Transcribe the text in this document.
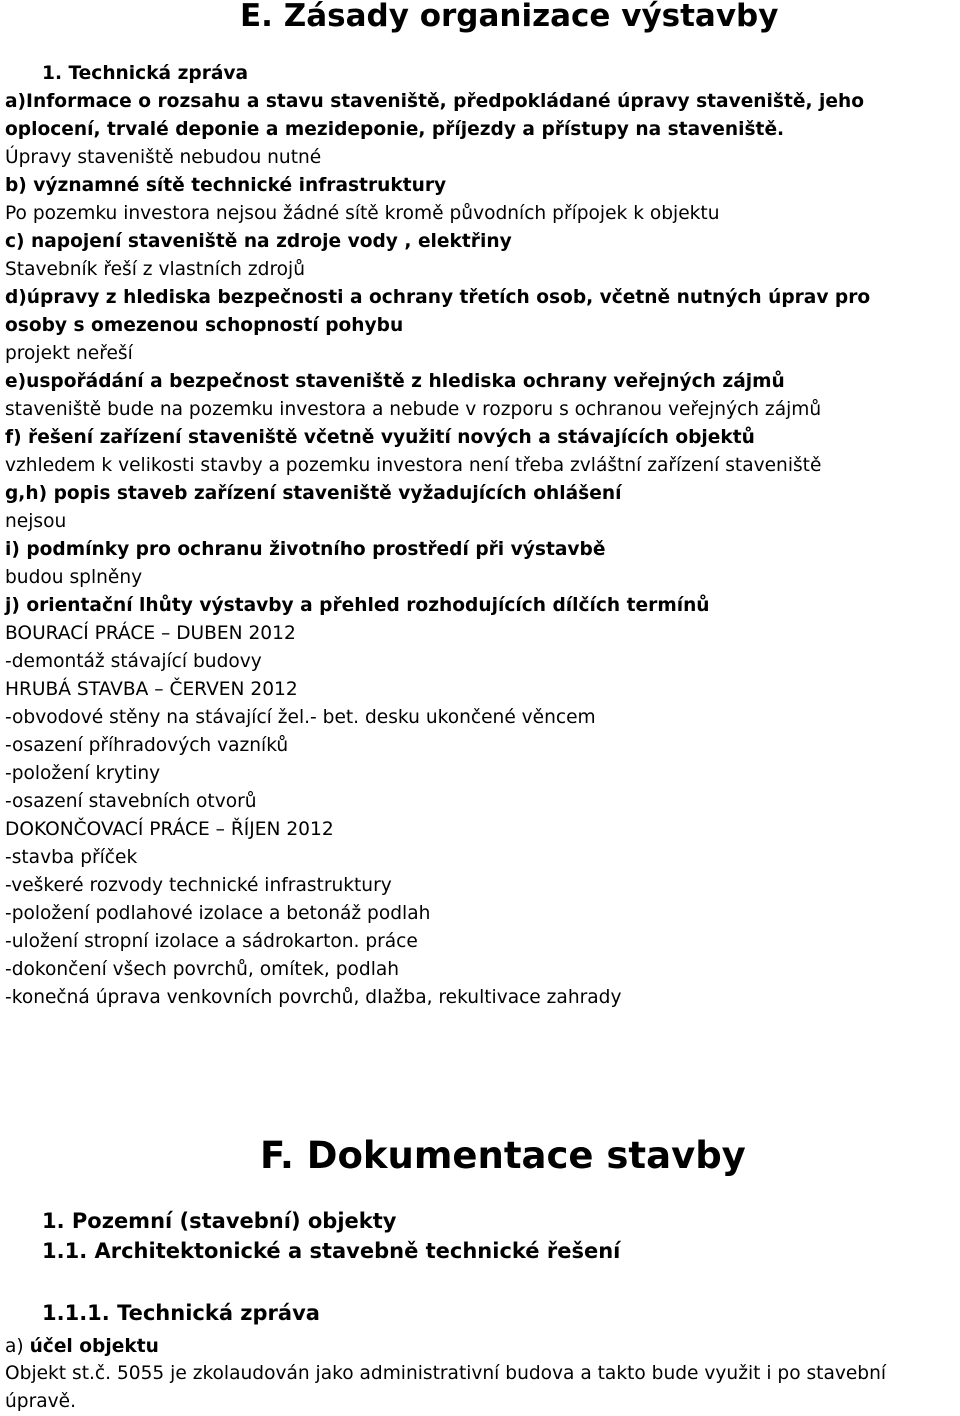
E. Zásady organizace výstavby
1. Technická zpráva
a)Informace o rozsahu a stavu staveniště, předpokládané úpravy staveniště, jeho
oplocení, trvalé deponie a mezideponie, příjezdy a přístupy na staveniště.
Úpravy staveniště nebudou nutné
b) významné sítě technické infrastruktury
Po pozemku investora nejsou žádné sítě kromě původních přípojek k objektu
c) napojení staveniště na zdroje vody , elektřiny
Stavebník řeší z vlastních zdrojů
d)úpravy z hlediska bezpečnosti a ochrany třetích osob, včetně nutných úprav pro
osoby s omezenou schopností pohybu
projekt neřeší
e)uspořádání a bezpečnost staveniště z hlediska ochrany veřejných zájmů
staveniště bude na pozemku investora a nebude v rozporu s ochranou veřejných zájmů
f) řešení zařízení staveniště včetně využití nových a stávajících objektů
vzhledem k velikosti stavby a pozemku investora není třeba zvláštní zařízení staveniště
g,h) popis staveb zařízení staveniště vyžadujících ohlášení
nejsou
i) podmínky pro ochranu životního prostředí při výstavbě
budou splněny
j) orientační lhůty výstavby a přehled rozhodujících dílčích termínů
BOURACÍ PRÁCE – DUBEN 2012
-demontáž stávající budovy
HRUBÁ STAVBA – ČERVEN 2012
-obvodové stěny na stávající žel.- bet. desku ukončené věncem
-osazení příhradových vazníků
-položení krytiny
-osazení stavebních otvorů
DOKONČOVACÍ PRÁCE – ŘÍJEN 2012
-stavba příček
-veškeré rozvody technické infrastruktury
-položení podlahové izolace a betonáž podlah
-uložení stropní izolace a sádrokarton. práce
-dokončení všech povrchů, omítek, podlah
-konečná úprava venkovních povrchů, dlažba, rekultivace zahrady
F. Dokumentace stavby
1. Pozemní (stavební) objekty
1.1. Architektonické a stavebně technické řešení
1.1.1. Technická zpráva
a) účel objektu
Objekt st.č. 5055 je zkolaudován jako administrativní budova a takto bude využit i po stavební úpravě.
